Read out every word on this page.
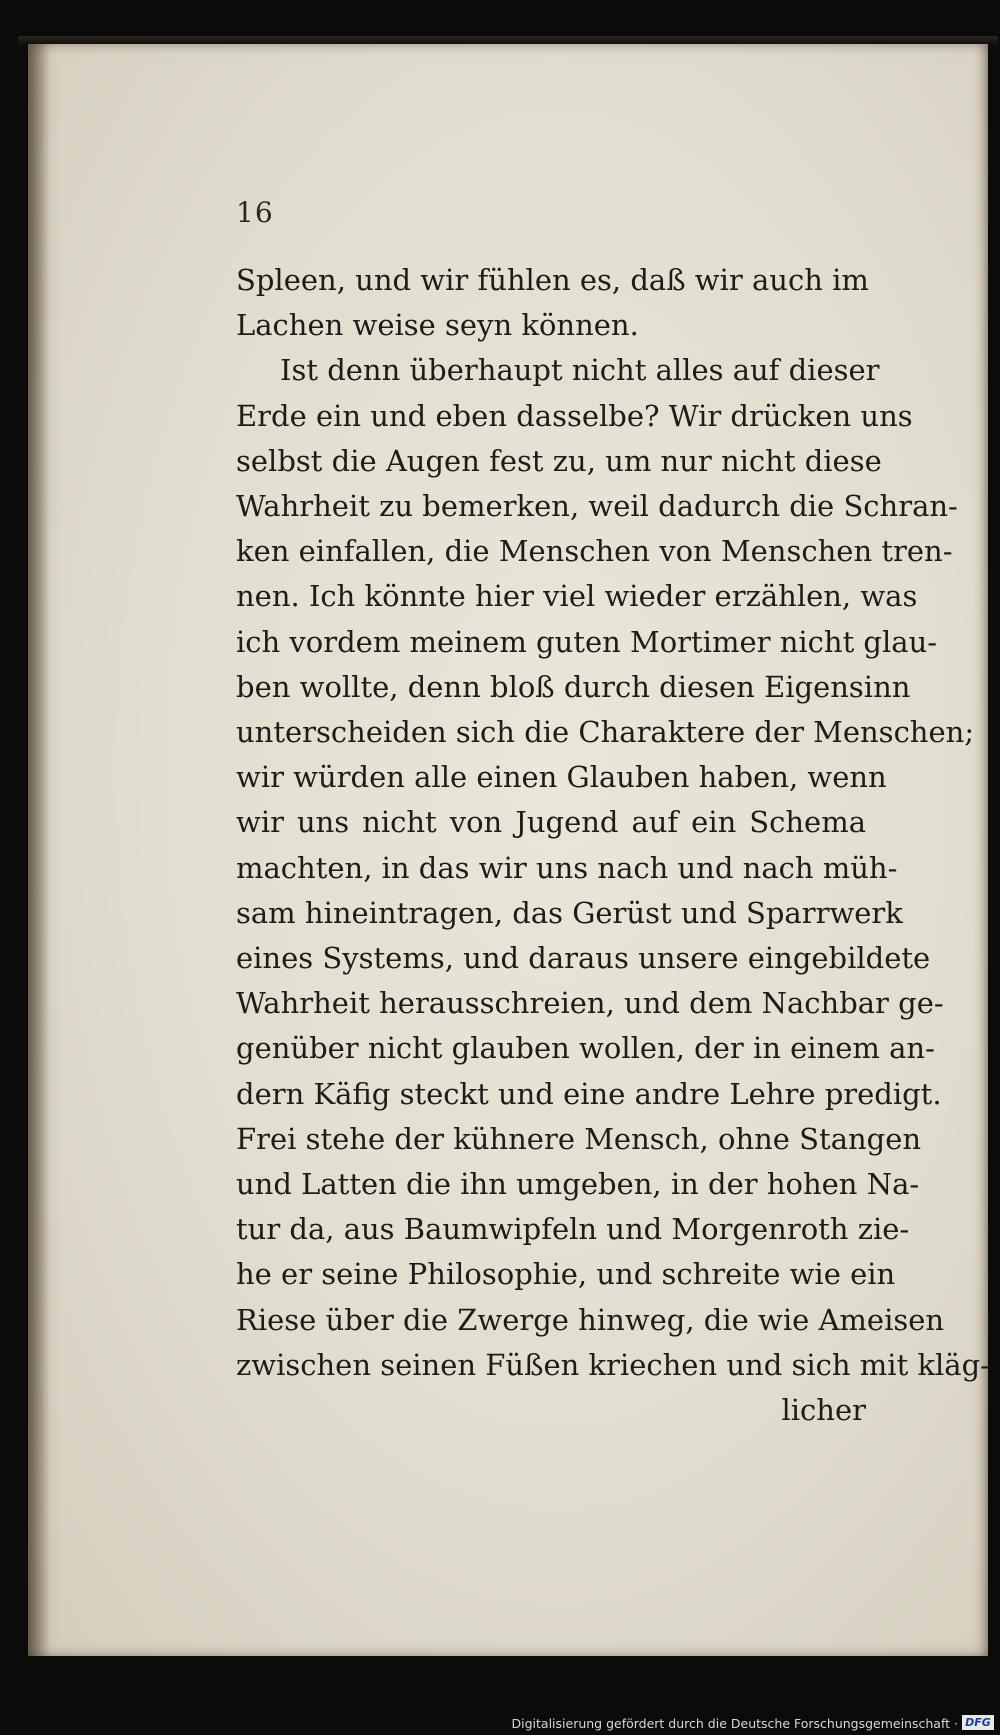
16
Spleen, und wir fühlen es, daß wir auch im
Lachen weise seyn können.
Ist denn überhaupt nicht alles auf dieser
Erde ein und eben dasselbe? Wir drücken uns
selbst die Augen fest zu, um nur nicht diese
Wahrheit zu bemerken, weil dadurch die Schran-
ken einfallen, die Menschen von Menschen tren-
nen. Ich könnte hier viel wieder erzählen, was
ich vordem meinem guten Mortimer nicht glau-
ben wollte, denn bloß durch diesen Eigensinn
unterscheiden sich die Charaktere der Menschen;
wir würden alle einen Glauben haben, wenn
wir uns nicht von Jugend auf ein Schema
machten, in das wir uns nach und nach müh-
sam hineintragen, das Gerüst und Sparrwerk
eines Systems, und daraus unsere eingebildete
Wahrheit herausschreien, und dem Nachbar ge-
genüber nicht glauben wollen, der in einem an-
dern Käfig steckt und eine andre Lehre predigt.
Frei stehe der kühnere Mensch, ohne Stangen
und Latten die ihn umgeben, in der hohen Na-
tur da, aus Baumwipfeln und Morgenroth zie-
he er seine Philosophie, und schreite wie ein
Riese über die Zwerge hinweg, die wie Ameisen
zwischen seinen Füßen kriechen und sich mit kläg-
licher
Digitalisierung gefördert durch die Deutsche Forschungsgemeinschaft · DFG
